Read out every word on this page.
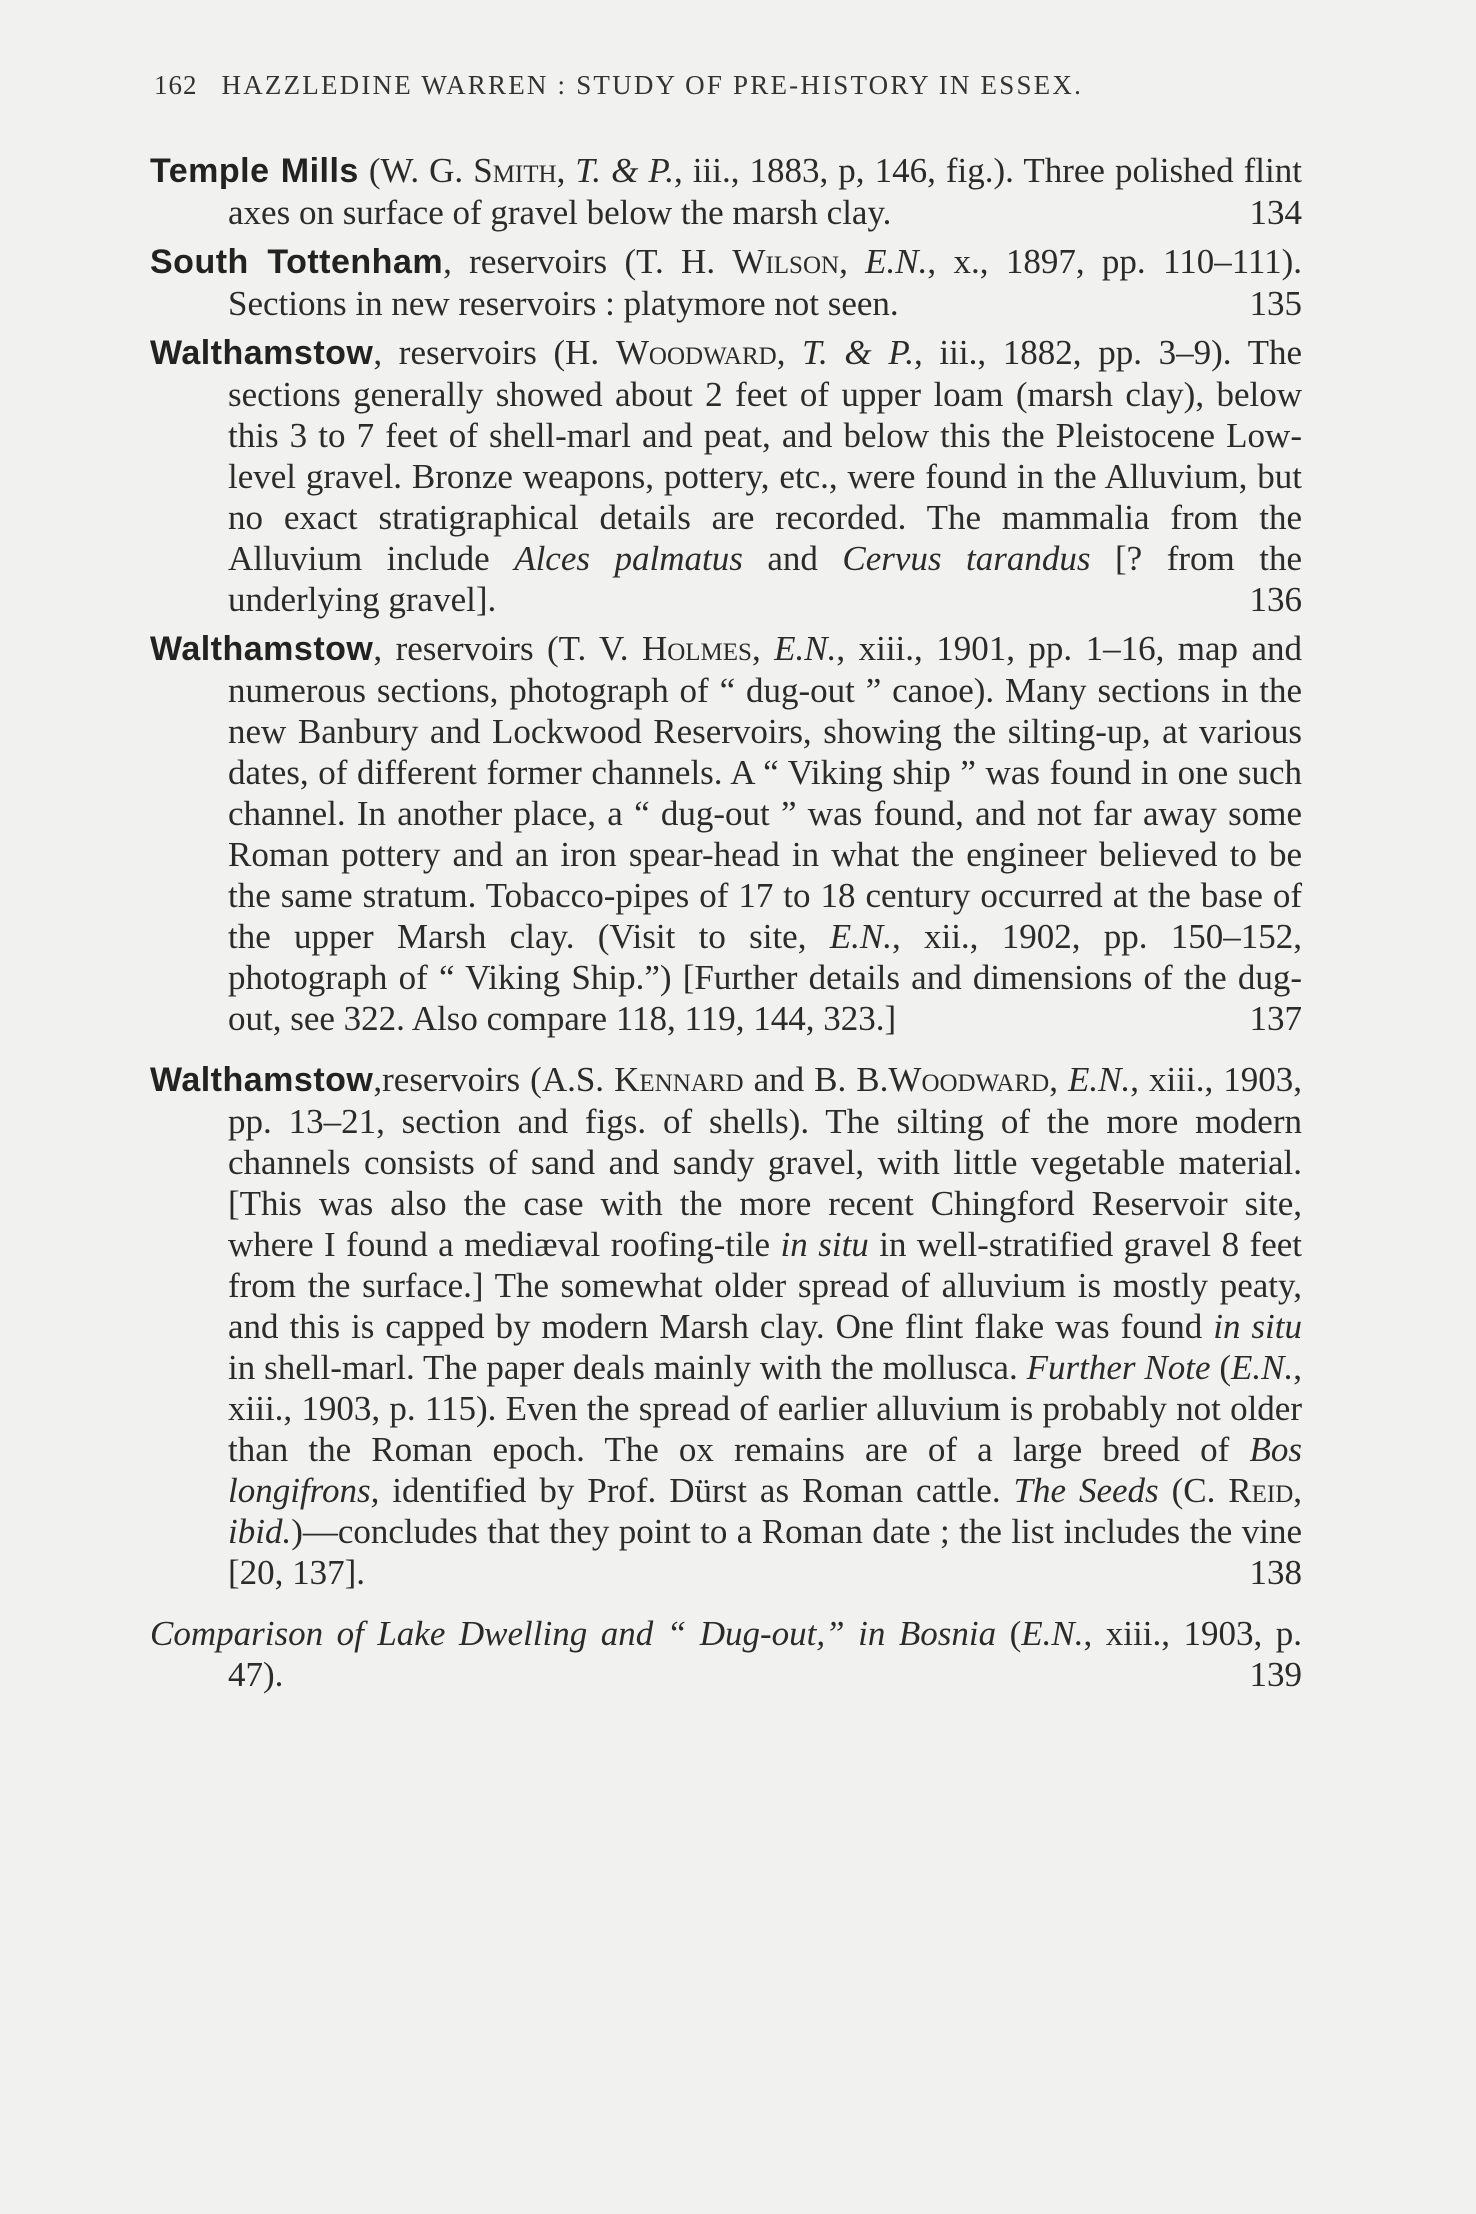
162 HAZZLEDINE WARREN : STUDY OF PRE-HISTORY IN ESSEX.
Temple Mills (W. G. Smith, T. & P., iii., 1883, p, 146, fig.). Three polished flint axes on surface of gravel below the marsh clay.	134
South Tottenham, reservoirs (T. H. Wilson, E.N., x., 1897, pp. 110–111). Sections in new reservoirs : platymore not seen.	135
Walthamstow, reservoirs (H. Woodward, T. & P., iii., 1882, pp. 3–9). The sections generally showed about 2 feet of upper loam (marsh clay), below this 3 to 7 feet of shell-marl and peat, and below this the Pleistocene Low-level gravel. Bronze weapons, pottery, etc., were found in the Alluvium, but no exact stratigraphical details are recorded. The mammalia from the Alluvium include Alces palmatus and Cervus tarandus [? from the underlying gravel].	136
Walthamstow, reservoirs (T. V. Holmes, E.N., xiii., 1901, pp. 1–16, map and numerous sections, photograph of “ dug-out ” canoe). Many sections in the new Banbury and Lockwood Reservoirs, showing the silting-up, at various dates, of different former channels. A “ Viking ship ” was found in one such channel. In another place, a “ dug-out ” was found, and not far away some Roman pottery and an iron spear-head in what the engineer believed to be the same stratum. Tobacco-pipes of 17 to 18 century occurred at the base of the upper Marsh clay. (Visit to site, E.N., xii., 1902, pp. 150–152, photograph of “ Viking Ship.”) [Further details and dimensions of the dug-out, see 322. Also compare 118, 119, 144, 323.]	137
Walthamstow,reservoirs (A.S. Kennard and B. B.Woodward, E.N., xiii., 1903, pp. 13–21, section and figs. of shells). The silting of the more modern channels consists of sand and sandy gravel, with little vegetable material. [This was also the case with the more recent Chingford Reservoir site, where I found a mediæval roofing-tile in situ in well-stratified gravel 8 feet from the surface.] The somewhat older spread of alluvium is mostly peaty, and this is capped by modern Marsh clay. One flint flake was found in situ in shell-marl. The paper deals mainly with the mollusca. Further Note (E.N., xiii., 1903, p. 115). Even the spread of earlier alluvium is probably not older than the Roman epoch. The ox remains are of a large breed of Bos longifrons, identified by Prof. Dürst as Roman cattle. The Seeds (C. Reid, ibid.)—concludes that they point to a Roman date ; the list includes the vine [20, 137].	138
Comparison of Lake Dwelling and “ Dug-out,” in Bosnia (E.N., xiii., 1903, p. 47).	139
